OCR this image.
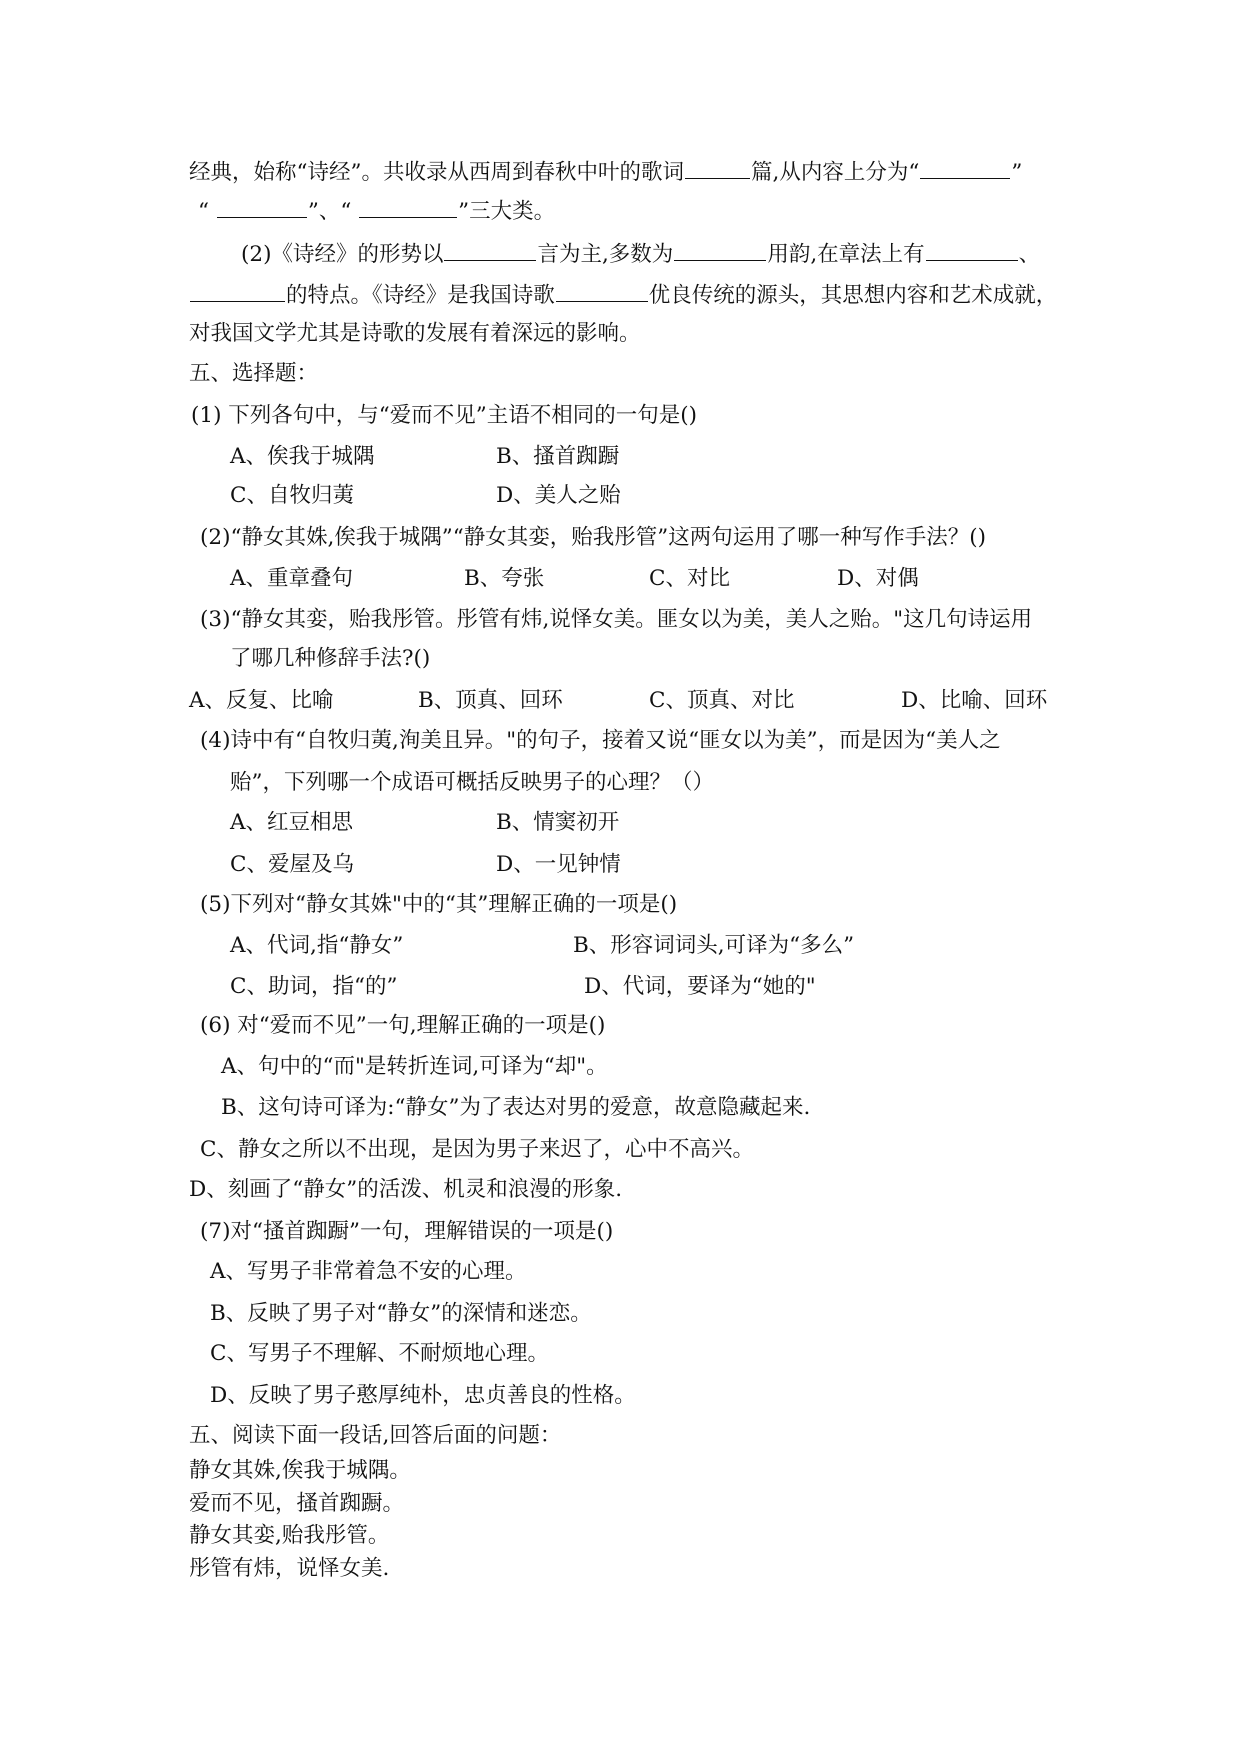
经典，始称“诗经”。共收录从西周到春秋中叶的歌词	篇,从内容上分为“	”
“	”、“	”三大类。
(2)《诗经》的形势以	言为主,多数为	用韵,在章法上有	、
的特点。《诗经》是我国诗歌	优良传统的源头，其思想内容和艺术成就，
对我国文学尤其是诗歌的发展有着深远的影响。
五、选择题：
(1) 下列各句中，与“爱而不见”主语不相同的一句是()
A、俟我于城隅	B、搔首踟蹰
C、自牧归荑	D、美人之贻
(2)“静女其姝,俟我于城隅”“静女其娈，贻我彤管”这两句运用了哪一种写作手法？()
A、重章叠句	B、夸张	C、对比	D、对偶
(3)“静女其娈，贻我彤管。彤管有炜,说怿女美。匪女以为美，美人之贻。"这几句诗运用
了哪几种修辞手法?()
A、反复、比喻	B、顶真、回环	C、顶真、对比	D、比喻、回环
(4)诗中有“自牧归荑,洵美且异。"的句子，接着又说“匪女以为美”，而是因为“美人之
贻”，下列哪一个成语可概括反映男子的心理？（）
A、红豆相思	B、情窦初开
C、爱屋及乌	D、一见钟情
(5)下列对“静女其姝"中的“其”理解正确的一项是()
A、代词,指“静女”	B、形容词词头,可译为“多么”
C、助词，指“的”	D、代词，要译为“她的"
(6) 对“爱而不见”一句,理解正确的一项是()
A、句中的“而"是转折连词,可译为“却"。
B、这句诗可译为:“静女”为了表达对男的爱意，故意隐藏起来.
C、静女之所以不出现，是因为男子来迟了，心中不高兴。
D、刻画了“静女”的活泼、机灵和浪漫的形象.
(7)对“搔首踟蹰”一句，理解错误的一项是()
A、写男子非常着急不安的心理。
B、反映了男子对“静女”的深情和迷恋。
C、写男子不理解、不耐烦地心理。
D、反映了男子憨厚纯朴，忠贞善良的性格。
五、阅读下面一段话,回答后面的问题：
静女其姝,俟我于城隅。
爱而不见，搔首踟蹰。
静女其娈,贻我彤管。
彤管有炜，说怿女美.
